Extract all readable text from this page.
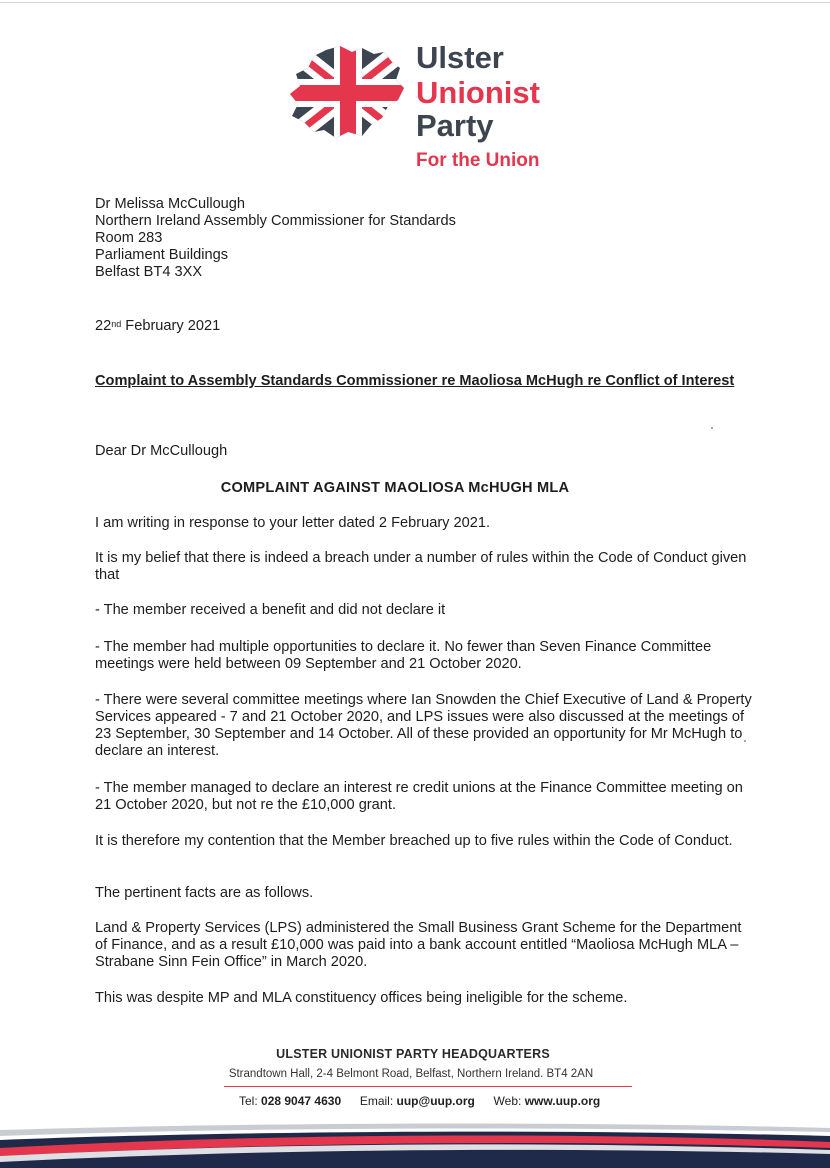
Ulster
Unionist
Party
For the Union
Dr Melissa McCullough
Northern Ireland Assembly Commissioner for Standards
Room 283
Parliament Buildings
Belfast BT4 3XX
22nd February 2021
Complaint to Assembly Standards Commissioner re Maoliosa McHugh re Conflict of Interest
Dear Dr McCullough
COMPLAINT AGAINST MAOLIOSA McHUGH MLA
I am writing in response to your letter dated 2 February 2021.
It is my belief that there is indeed a breach under a number of rules within the Code of Conduct given that
- The member received a benefit and did not declare it
- The member had multiple opportunities to declare it. No fewer than Seven Finance Committee meetings were held between 09 September and 21 October 2020.
- There were several committee meetings where Ian Snowden the Chief Executive of Land & Property Services appeared - 7 and 21 October 2020, and LPS issues were also discussed at the meetings of 23 September, 30 September and 14 October. All of these provided an opportunity for Mr McHugh to declare an interest.
- The member managed to declare an interest re credit unions at the Finance Committee meeting on 21 October 2020, but not re the £10,000 grant.
It is therefore my contention that the Member breached up to five rules within the Code of Conduct.
The pertinent facts are as follows.
Land & Property Services (LPS) administered the Small Business Grant Scheme for the Department of Finance, and as a result £10,000 was paid into a bank account entitled “Maoliosa McHugh MLA – Strabane Sinn Fein Office” in March 2020.
This was despite MP and MLA constituency offices being ineligible for the scheme.
ULSTER UNIONIST PARTY HEADQUARTERS
Strandtown Hall, 2-4 Belmont Road, Belfast, Northern Ireland. BT4 2AN
Tel: 028 9047 4630 Email: uup@uup.org Web: www.uup.org
